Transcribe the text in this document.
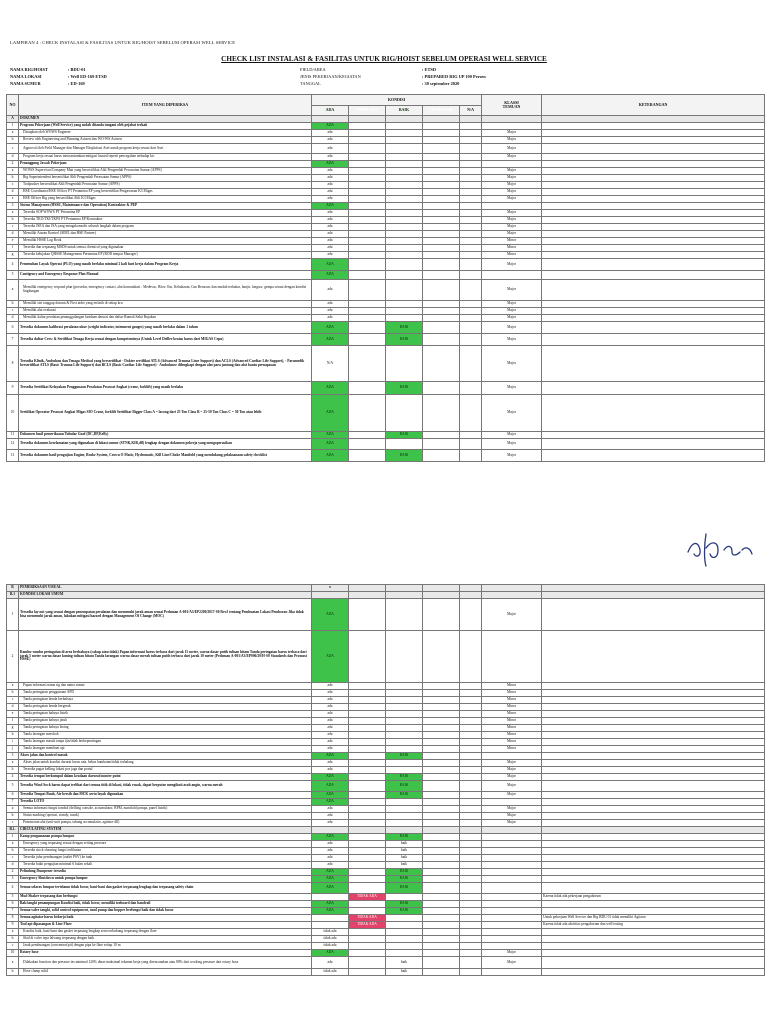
LAMPIRAN 4 : CHECK INSTALASI & FASILITAS UNTUK RIG/HOIST SEBELUM OPERASI WELL SERVICE
CHECK LIST INSTALASI & FASILITAS UNTUK RIG/HOIST SEBELUM OPERASI WELL SERVICE
NAMA RIG/HOIST	: BDU-01
NAMA LOKASI	: Well ED-169 ETSD
NAMA SUMUR	: ED-169
FIELD/AREA	: ETSD
JENIS PEKERJAAN/KEGIATAN	: PREPARED RIG UP 100 Persen
TANGGAL	: 30 september 2020
NO	ITEM YANG DIPERIKSA	KONDISI					KLASSI
TEMUAN	KETERANGAN
		ADA	TIDAK ADA	BAIK	TIDAK BAIK	N/A		
A	DOKUMEN							
1	Program Pekerjaan (Well Service) yang sudah ditanda tangani oleh pejabat terkait	ADA						
a	Disiapkan oleh WOWS Engineer	ada					Major	
b	Review oleh Engineering and Planning Asisten dan WO-WS Asisten	ada					Major	
c	Approval oleh Field Manager dan Manager Eksploitasi Aset untuk program kerja sesuai dari Aset	ada					Major	
d	Program kerja sesuai harus mencantumkan mitigasi hazard seperti pencegahan terhadap kic	ada					Major	
2	Penanggung Jawab Pekerjaan	ADA						
a	WOWS Supervisor/Company Man yang bersertifikat Ahli Pengendali Perawatan Sumur (APPS)	ada					Major	
b	Rig Superintendent bersertifikat Ahli Pengendali Perawatan Sumur (APPS)	ada					Major	
c	Toolpusher bersertifikat Ahli Pengendali Perawatan Sumur (APPS)	ada					Major	
d	HSE Coordinator/HSE Officer PT Pertamina EP yang bersertifikat Pengawasan K3 Migas	ada					Major	
e	HSE Officer Rig yang bersertifikat Ahli K3 Migas	ada					Major	
3	Sistem Manajemen (HSSE, Maintenance dan Operation) Kontraktor & PEP	ADA						
a	Tersedia SOP WOWS PT Pertamina EP	ada					Major	
b	Tersedia TKO/TKI/TKPA PT Pertamina EP/Kontraktor	ada					Major	
c	Tersedia JSEA dan JSA yang mengakomodir seluruh langkah dalam program	ada					Major	
d	Memiliki Aturan Kontrol (SIML dan HSE Partner)	ada					Major	
e	Memiliki HSSE Log Book	ada					Minor	
f	Tersedia dan terpasang MSDS untuk semua chemical yang digunakan	ada					Minor	
g	Tersedia kebijakan QHSSE Management Pertamina EP (ROD tempat Manager)	ada					Minor	
4	Pemenuhan Layak Operasi (PLO) yang masih berlaku minimal 2 kali hari kerja dalam Program Kerja	ADA					Major	
5	Contigency and Emergency Response Plan Manual	ADA						
a	Memiliki emergency respond plan (prosedur, emergency contact, alat komunikasi : Medevac, Blow Out, Kebakaran, Gas Beracun, dan mudah terbakar, banjir, longsor, gempa sesuai dengan kondisi lingkungan	ada					Major	
b	Memiliki site tanggap darurat & First aider yang terlatih di setiap kru	ada					Major	
c	Memiliki alat evakuasi	ada					Major	
d	Memiliki daftar peralatan penanggulangan keadaan darurat dan daftar Rumah Sakit Rujukan	ada					Major	
6	Tersedia dokumen kalibrasi peralatan ukur (weight indicator, intrument gauges) yang masih berlaku dalam 1 tahun	ADA		BAIK			Major	
7	Tersedia daftar Crew & Sertifikat Tenaga Kerja sesuai dengan kompetensinya (Untuk Level Driller keatas harus dari MIGAS Cepu)	ADA		BAIK			Major	
8	Tersedia Klinik, Ambulans dan Tenaga Medical yang bersertifikat - Dokter sertifikat ATLS (Advanced Trauma Lime Support) dan ACLS (Advanced Cardiac Life Support), - Paramedik bersertifikat ATLS (Basic Trauma Life Support) dan BCLS (Basic Cardiac Life Support) - Ambulance dilengkapi dengan alat para jantung dan alat bantu pernapasan	N/A					Major	
9	Tersedia Sertifikat Kelayakan Penggunaan Peralatan Pesawat Angkat (crane, forklift) yang masih berlaku	ADA		BAIK			Major	
10	Sertifikat Operator Pesawat Angkat Migas SIO Crane, forklift Sertifikat Rigger Class A = lacong dari 25 Ton Class B = 25-50 Ton Class C = 50 Ton atau lebih	ADA					Major	
11	Dokumen hasil pemeriksaan Tubular Goof (DC,DP,Kelly)	ADA		BAIK			Major	
12	Tersedia dokumen keselamatan yang digunakan di lokasi sumur (STNK,KIR,dll) lengkap dengan dokumen pekerja yang mengoperasikan	ADA					Major	
13	Tersedia dokumen hasil pengujian Engine, Brake System, Crown O Matic, Hydromatic, Kill Line/Choke Manifold yang mendukung pelaksanaan safety checklist	ADA		BAIK			Major	
B	PEMERIKSAAN VISUAL	x						
B.1	KONDISI LOKASI UMUM							
1	Tersedia lay out yang sesuai dengan penempatan peralatan dan memenuhi jarak aman sesuai Pedoman A-001/A3/EP2200/2017-S0 Rev2 tentang Pembuatan Lokasi Pemboran Jika tidak bisa memenuhi jarak aman, lakukan mitigasi hazard dengan Management Of Change (MOC)	ADA					Major	
2	Rambu-rambu peringatan di area berbahaya (cakup atau tidak) Papan informasi harus terbaca dari jarak 15 meter, warna dasar putih tulisan hitam Tanda peringatan harus terbaca dari jarak 5 meter warna dasar kuning tulisan hitam Tanda larangan warna dasar merah tulisan putih terbaca dari jarak 10 meter (Pedoman A-001/A3/EP006/20/H-S0 Standards dan Promosi HSSE)	ADA						
a	Papan informasi nama rig dan nama sumur	ada					Minor	
b	Tanda peringatan penggunaan APD	ada					Minor	
c	Tanda peringatan benda berbahaya	ada					Minor	
d	Tanda peringatan benda bergerak	ada					Minor	
e	Tanda peringatan bahaya listrik	ada					Minor	
f	Tanda peringatan bahaya jatuh	ada					Minor	
g	Tanda peringatan bahaya bising	ada					Minor	
h	Tanda larangan merokok	ada					Minor	
i	Tanda larangan masuk tanpa ijin/tidak berkepentingan	ada					Minor	
j	Tanda larangan membuat api	ada					Minor	
3	Akses jalan dan kontrol masuk	ADA		BAIK				
a	Akses jalan untuk kondisi darurat harus rata, bebas hambatan/tidak terhalang	ada					Major	
b	Tersedia pagar kelling lokasi pos jaga dan portal	ada					Major	
4	Tersedia tempat berkumpul dalam keadaan darurat/muster point	ADA		BAIK			Major	
5	Tersedia Wind Sock harus dapat terlihat dari semua titik di lokasi, tidak rusak, dapat berputar mengikuti arah angin, warna merah	ADA		BAIK			Major	
6	Tersedia Tempat Buah, Air bersih dan MCK serta layak digunakan	ADA		BAIK			Major	
7	Tersedia LOTO	ADA						
a	Semua informasi fungsi tombol (drilling console, accumulator, BPM, manifold pompa, panel listrik)	ada					Major	
b	Status marking (operasi, standy, rusak)	ada					Major	
c	Penomoran alat (unit-unit pompa, tabung accumulator, agitator dll)	ada					Major	
B.1.	CIRCULATING SYSTEM							
1	Kamp pengamanan pompa lumpur	ADA		BAIK				
a	Emergency yang terpasang sesuai dengan setting pressure	ada		baik				
b	Tersedia stock shearing fungsi terlihatan	ada		baik				
c	Tersedia jalur pembuangan (outlet PSV) ke tank	ada		baik				
d	Tersedia bukti pengujian minimal 6 bulan sekali	ada		baik				
2	Pelindung Dumpener tersedia	ADA		BAIK				
3	Emergency Shutdown untuk pompa lumpur	ADA		BAIK				
4	Semua selaras lumpur tertelanm tidak bocor, hani-bani dan gasket terpasang lengkap dan terpasang safety chain	ADA		BAIK				
5	Mud Shaker terpasang dan berfungsi		TIDAK ADA					Karena tidak ada pekerjaan pengaborum
6	Bak/tangki penampungan Kondisi baik, tidak bocor, memiliki toeboard dan handrail	ADA		BAIK				
7	Semua valve tangki, solid control equipment, mud pump dan hopper berfungsi baik dan tidak bocor	ADA		BAIK				
8	Semua agitator harus bekerja baik		TIDAK ADA					Untuk pekerjaan Well Service dan Rig BDU 01 tidak memiliki Agitator
9	Tool api dipasangan & Line Flare		TIDAK ADA					Karena tidak ada aktivitas pengaborum dan well testing
a	Kondisi baik, bani-bani dan gasket terpasang lengkap serta terhubung terpasang dengan flare	tidak ada						
b	Skid di valve tepa lalwang terpasang dengan baik	tidak ada						
c	Jarak pembuangan (concentrat/pit) dengan pipa ke flare setiap 10 m	tidak ada						
10	Rotary hose	ADA					Major	
a	Dilakukan function dan pressure tes minimal 120% dinas maksimal tekanan kerja yang direncanakan atau 80% dari working pressure dari rotary hose	ada		baik			Major	
b	Hose clamp solid	tidak ada		baik				
